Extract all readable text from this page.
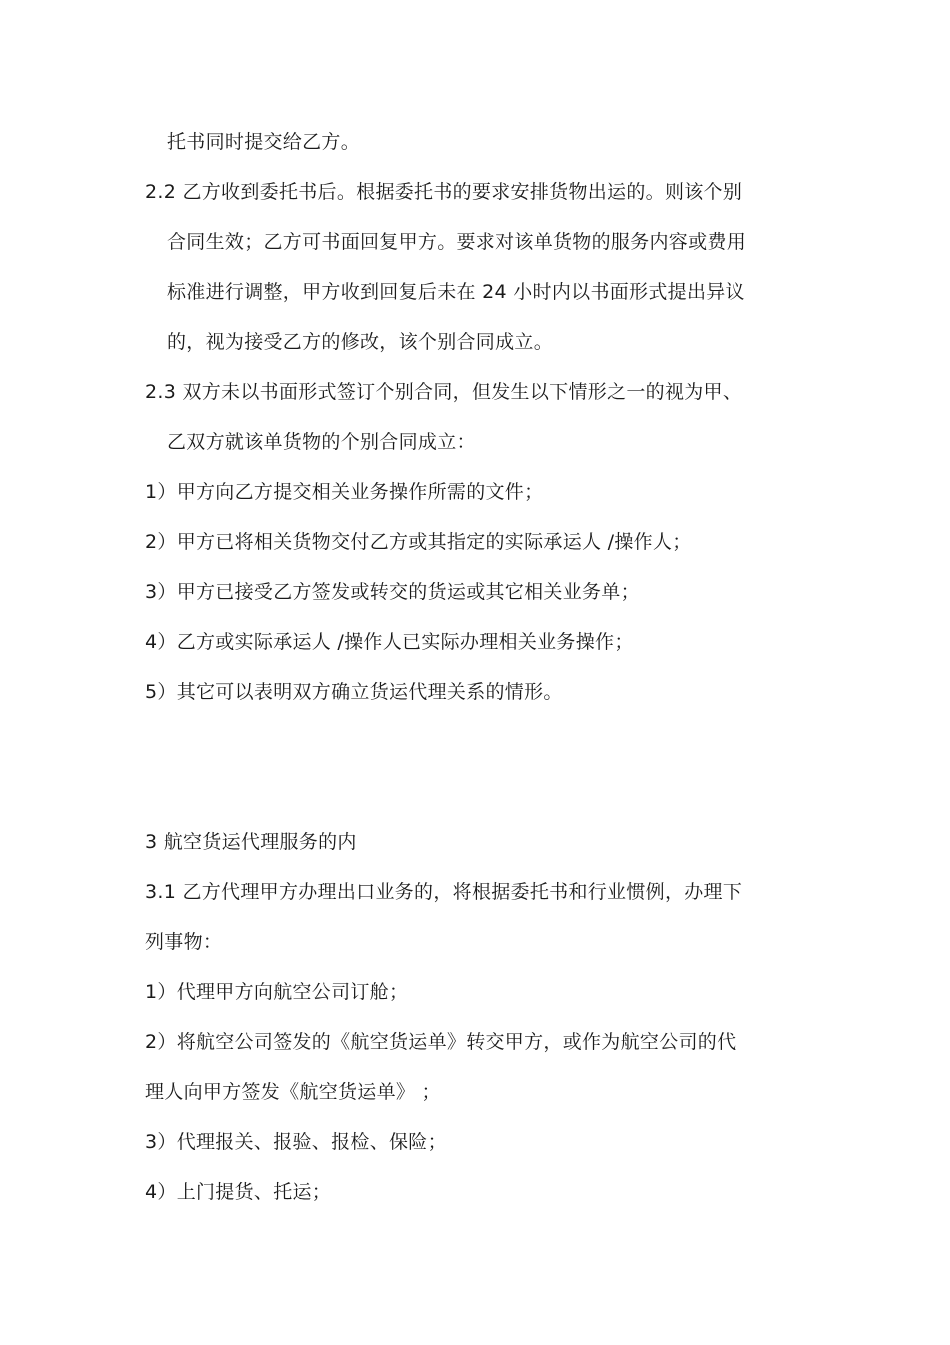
托书同时提交给乙方。
2.2 乙方收到委托书后。根据委托书的要求安排货物出运的。则该个别
合同生效；乙方可书面回复甲方。要求对该单货物的服务内容或费用
标准进行调整，甲方收到回复后未在 24 小时内以书面形式提出异议
的，视为接受乙方的修改，该个别合同成立。
2.3 双方未以书面形式签订个别合同，但发生以下情形之一的视为甲、
乙双方就该单货物的个别合同成立：
1）甲方向乙方提交相关业务操作所需的文件；
2）甲方已将相关货物交付乙方或其指定的实际承运人 /操作人；
3）甲方已接受乙方签发或转交的货运或其它相关业务单；
4）乙方或实际承运人 /操作人已实际办理相关业务操作；
5）其它可以表明双方确立货运代理关系的情形。
3 航空货运代理服务的内
3.1 乙方代理甲方办理出口业务的，将根据委托书和行业惯例，办理下
列事物：
1）代理甲方向航空公司订舱；
2）将航空公司签发的《航空货运单》转交甲方，或作为航空公司的代
理人向甲方签发《航空货运单》 ；
3）代理报关、报验、报检、保险；
4）上门提货、托运；
